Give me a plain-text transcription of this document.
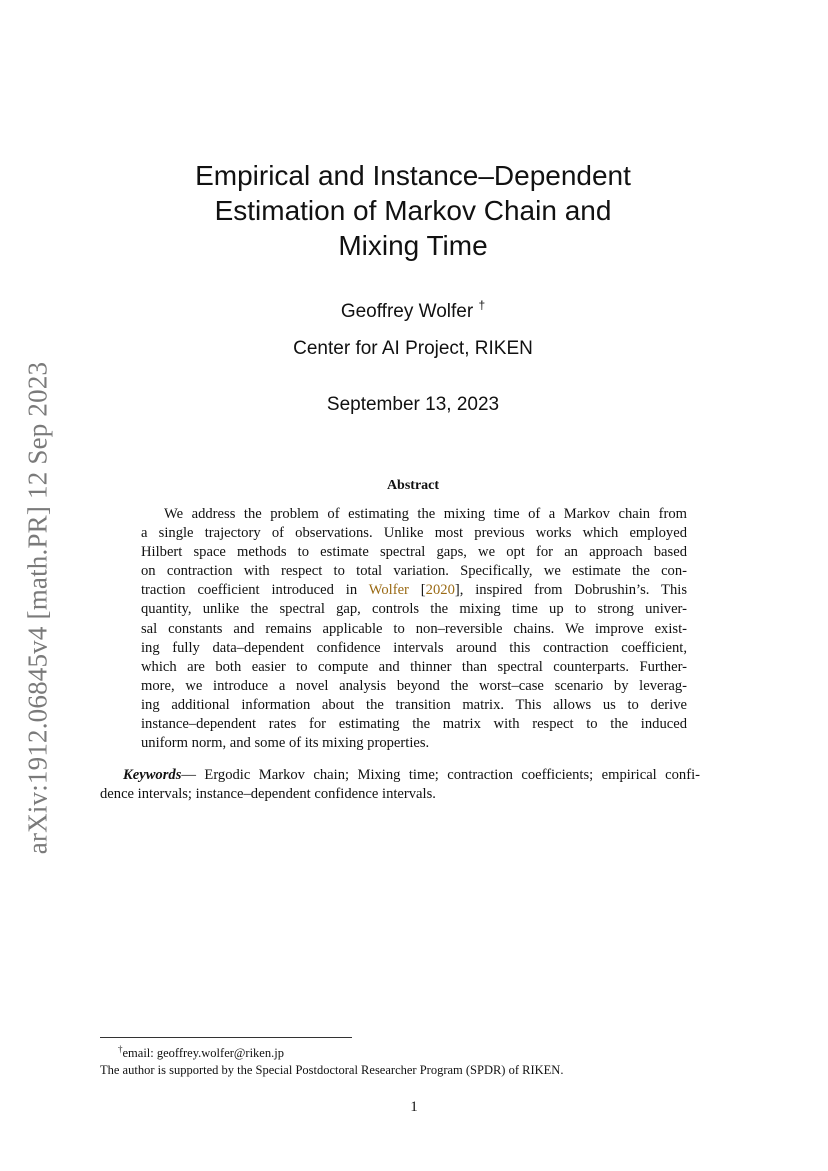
arXiv:1912.06845v4 [math.PR] 12 Sep 2023
Empirical and Instance–Dependent
Estimation of Markov Chain and
Mixing Time
Geoffrey Wolfer †
Center for AI Project, RIKEN
September 13, 2023
Abstract
We address the problem of estimating the mixing time of a Markov chain from
a single trajectory of observations. Unlike most previous works which employed
Hilbert space methods to estimate spectral gaps, we opt for an approach based
on contraction with respect to total variation. Specifically, we estimate the con-
traction coefficient introduced in Wolfer [2020], inspired from Dobrushin’s. This
quantity, unlike the spectral gap, controls the mixing time up to strong univer-
sal constants and remains applicable to non–reversible chains. We improve exist-
ing fully data–dependent confidence intervals around this contraction coefficient,
which are both easier to compute and thinner than spectral counterparts. Further-
more, we introduce a novel analysis beyond the worst–case scenario by leverag-
ing additional information about the transition matrix. This allows us to derive
instance–dependent rates for estimating the matrix with respect to the induced
uniform norm, and some of its mixing properties.
Keywords— Ergodic Markov chain; Mixing time; contraction coefficients; empirical confi-
dence intervals; instance–dependent confidence intervals.
†email: geoffrey.wolfer@riken.jp
The author is supported by the Special Postdoctoral Researcher Program (SPDR) of RIKEN.
1
